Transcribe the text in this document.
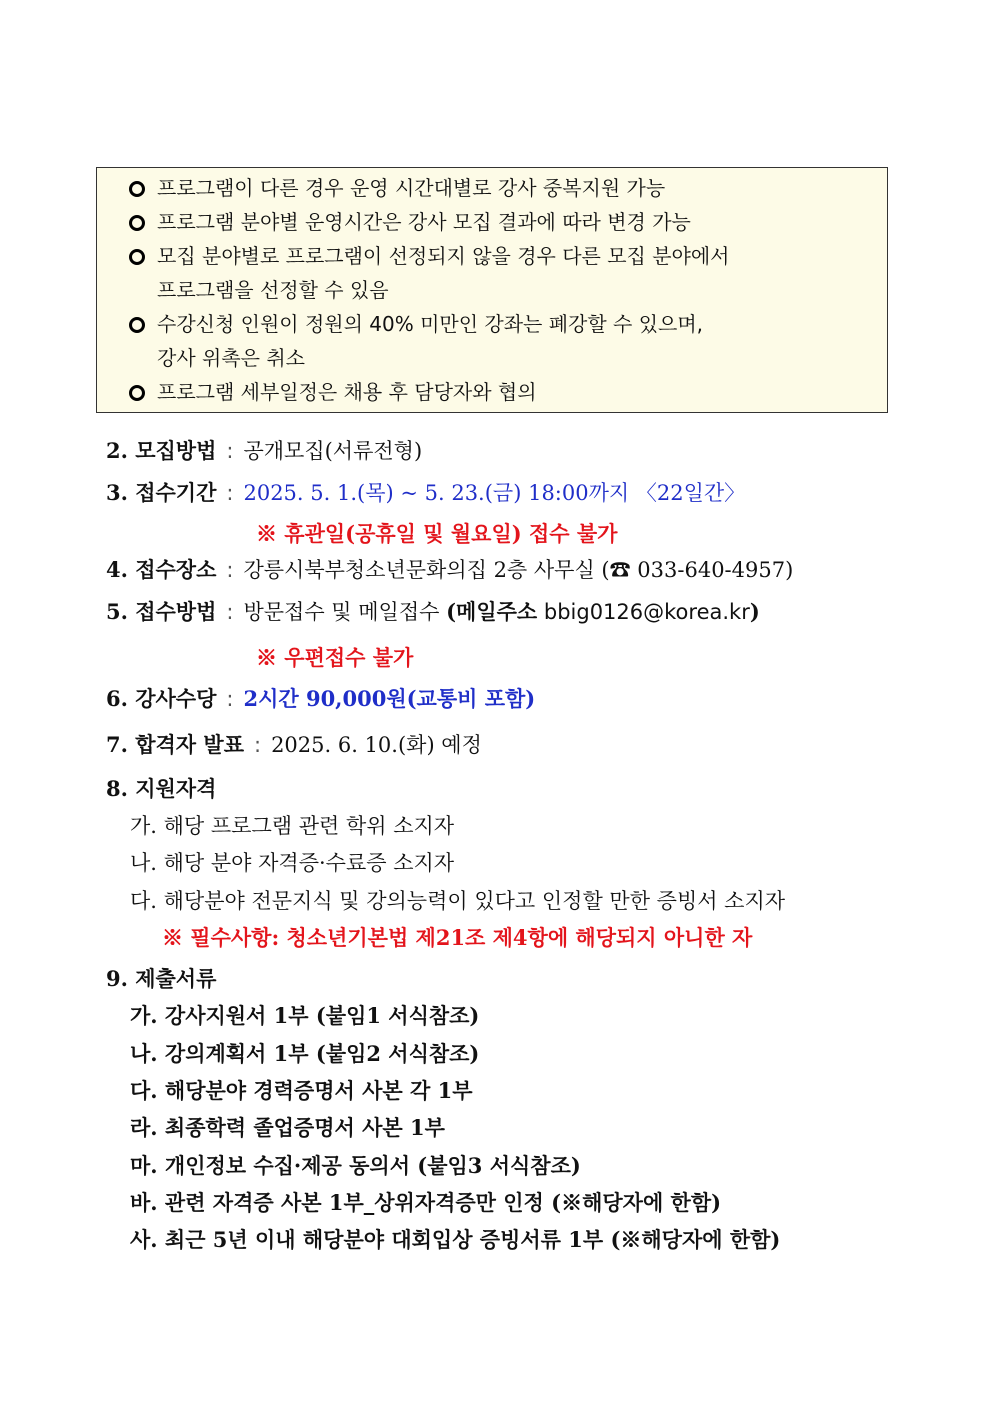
프로그램이 다른 경우 운영 시간대별로 강사 중복지원 가능
프로그램 분야별 운영시간은 강사 모집 결과에 따라 변경 가능
모집 분야별로 프로그램이 선정되지 않을 경우 다른 모집 분야에서
프로그램을 선정할 수 있음
수강신청 인원이 정원의 40% 미만인 강좌는 폐강할 수 있으며,
강사 위촉은 취소
프로그램 세부일정은 채용 후 담당자와 협의
2. 모집방법 : 공개모집(서류전형)
3. 접수기간 : 2025. 5. 1.(목) ~ 5. 23.(금) 18:00까지 〈22일간〉
※ 휴관일(공휴일 및 월요일) 접수 불가
4. 접수장소 : 강릉시북부청소년문화의집 2층 사무실 (☎ 033-640-4957)
5. 접수방법 : 방문접수 및 메일접수 (메일주소 bbig0126@korea.kr)
※ 우편접수 불가
6. 강사수당 : 2시간 90,000원(교통비 포함)
7. 합격자 발표 : 2025. 6. 10.(화) 예정
8. 지원자격
가. 해당 프로그램 관련 학위 소지자
나. 해당 분야 자격증·수료증 소지자
다. 해당분야 전문지식 및 강의능력이 있다고 인정할 만한 증빙서 소지자
※ 필수사항: 청소년기본법 제21조 제4항에 해당되지 아니한 자
9. 제출서류
가. 강사지원서 1부 (붙임1 서식참조)
나. 강의계획서 1부 (붙임2 서식참조)
다. 해당분야 경력증명서 사본 각 1부
라. 최종학력 졸업증명서 사본 1부
마. 개인정보 수집·제공 동의서 (붙임3 서식참조)
바. 관련 자격증 사본 1부_상위자격증만 인정 (※해당자에 한함)
사. 최근 5년 이내 해당분야 대회입상 증빙서류 1부 (※해당자에 한함)
